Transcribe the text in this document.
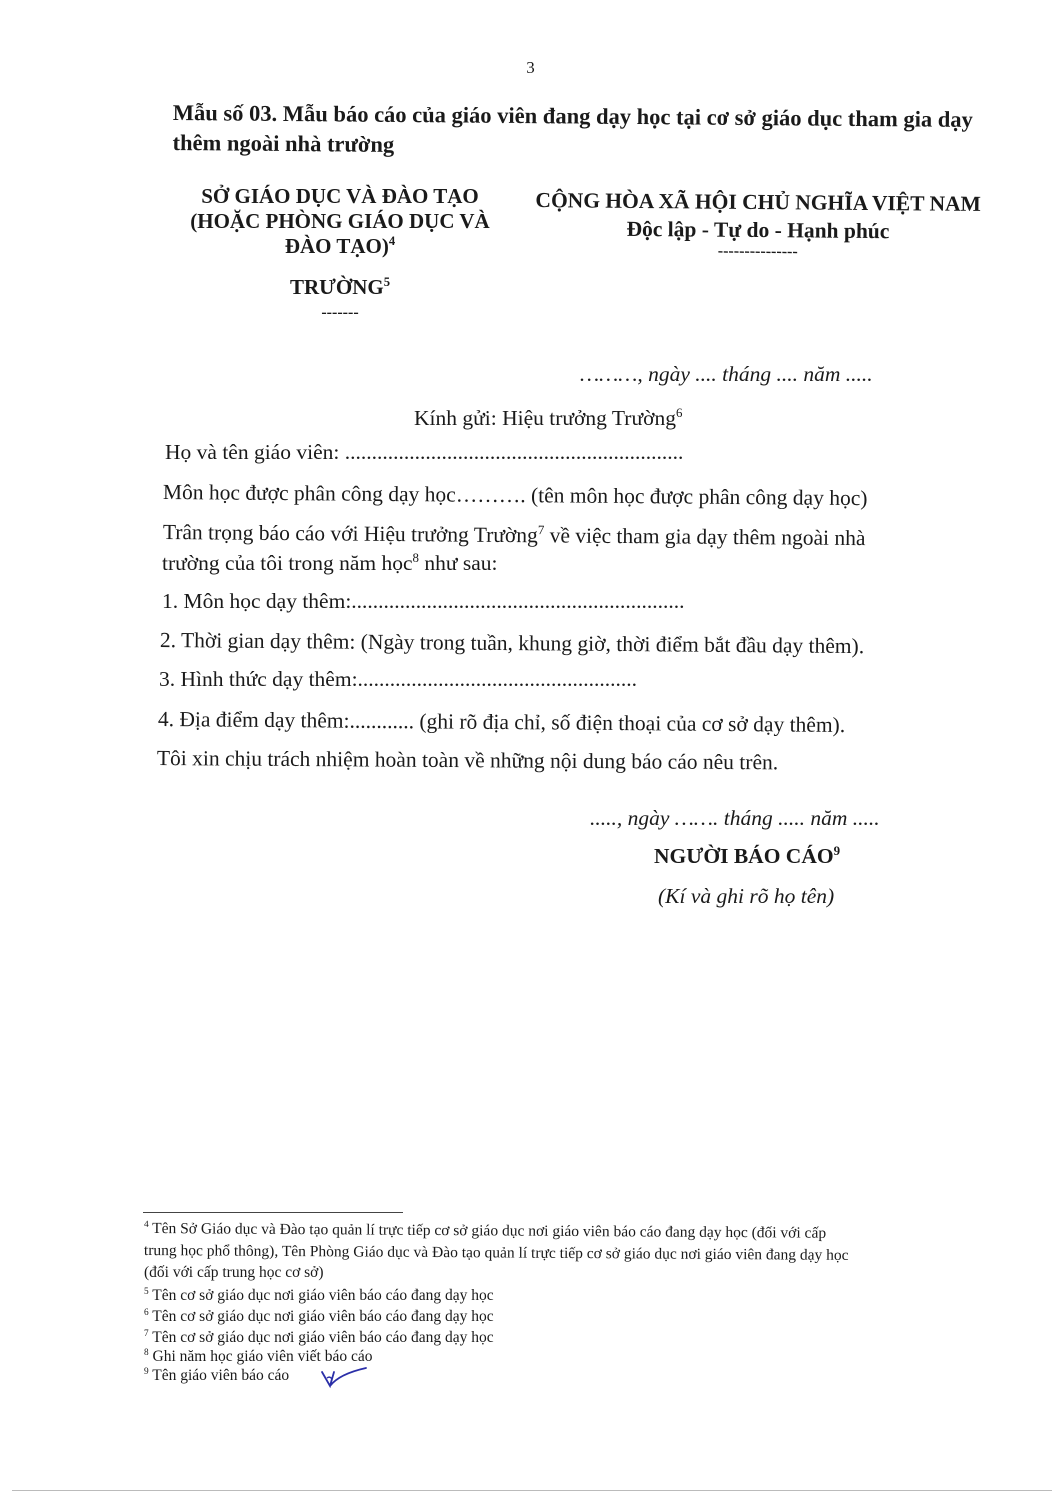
3
Mẫu số 03. Mẫu báo cáo của giáo viên đang dạy học tại cơ sở giáo dục tham gia dạy thêm ngoài nhà trường
SỞ GIÁO DỤC VÀ ĐÀO TẠO
(HOẶC PHÒNG GIÁO DỤC VÀ
ĐÀO TẠO)$^4$
TRƯỜNG$^5$
-------
CỘNG HÒA XÃ HỘI CHỦ NGHĨA VIỆT NAM
Độc lập - Tự do - Hạnh phúc
---------------
………, ngày .... tháng .... năm .....
Kính gửi: Hiệu trưởng Trường$^6$
Họ và tên giáo viên: ...............................................................
Môn học được phân công dạy học………. (tên môn học được phân công dạy học)
Trân trọng báo cáo với Hiệu trưởng Trường$^7$ về việc tham gia dạy thêm ngoài nhà
trường của tôi trong năm học$^8$ như sau:
1. Môn học dạy thêm:..............................................................
2. Thời gian dạy thêm: (Ngày trong tuần, khung giờ, thời điểm bắt đầu dạy thêm).
3. Hình thức dạy thêm:....................................................
4. Địa điểm dạy thêm:............ (ghi rõ địa chỉ, số điện thoại của cơ sở dạy thêm).
Tôi xin chịu trách nhiệm hoàn toàn về những nội dung báo cáo nêu trên.
....., ngày ……. tháng ..... năm .....
NGƯỜI BÁO CÁO$^9$
(Kí và ghi rõ họ tên)
$^4$ Tên Sở Giáo dục và Đào tạo quản lí trực tiếp cơ sở giáo dục nơi giáo viên báo cáo đang dạy học (đối với cấp
trung học phổ thông), Tên Phòng Giáo dục và Đào tạo quản lí trực tiếp cơ sở giáo dục nơi giáo viên đang dạy học
(đối với cấp trung học cơ sở)
$^5$ Tên cơ sở giáo dục nơi giáo viên báo cáo đang dạy học
$^6$ Tên cơ sở giáo dục nơi giáo viên báo cáo đang dạy học
$^7$ Tên cơ sở giáo dục nơi giáo viên báo cáo đang dạy học
$^8$ Ghi năm học giáo viên viết báo cáo
$^9$ Tên giáo viên báo cáo
